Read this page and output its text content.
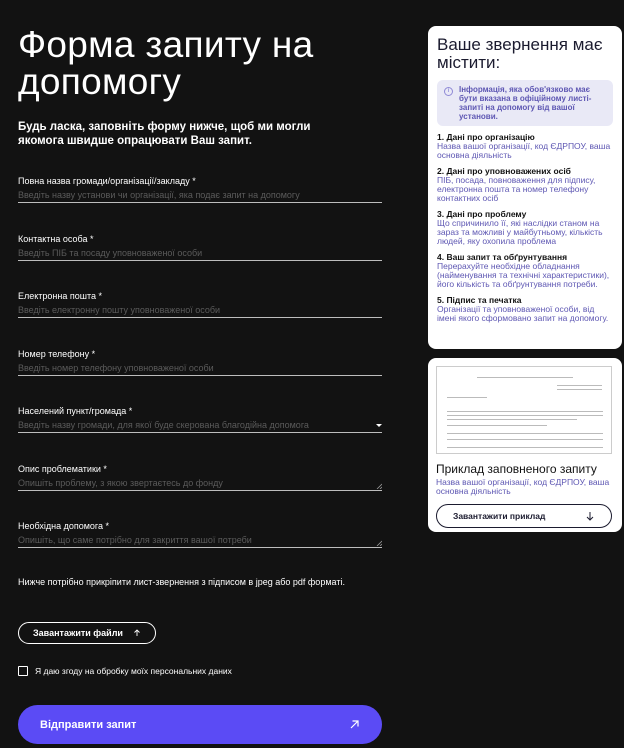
Форма запиту на допомогу
Будь ласка, заповніть форму нижче, щоб ми могли якомога швидше опрацювати Ваш запит.
Повна назва громади/організації/закладу *
Введіть назву установи чи організації, яка подає запит на допомогу
Контактна особа *
Введіть ПІБ та посаду уповноваженої особи
Електронна пошта *
Введіть електронну пошту уповноваженої особи
Номер телефону *
Введіть номер телефону уповноваженої особи
Населений пункт/громада *
Введіть назву громади, для якої буде скерована благодійна допомога
Опис проблематики *
Опишіть проблему, з якою звертаєтесь до фонду
Необхідна допомога *
Опишіть, що саме потрібно для закриття вашої потреби
Нижче потрібно прикріпити лист-звернення з підписом в jpeg або pdf форматі.
Завантажити файли
Я даю згоду на обробку моїх персональних даних
Відправити запит
Ваше звернення має містити:
i	Інформація, яка обов'язково має бути вказана в офіційному листі-запиті на допомогу від вашої установи.
1. Дані про організацію
Назва вашої організації, код ЄДРПОУ, ваша основна діяльність
2. Дані про уповноважених осіб
ПІБ, посада, повноваження для підпису, електронна пошта та номер телефону контактних осіб
3. Дані про проблему
Що спричинило її, які наслідки станом на зараз та можливі у майбутньому, кількість людей, яку охопила проблема
4. Ваш запит та обґрунтування
Перерахуйте необхідне обладнання (найменування та технічні характеристики), його кількість та обґрунтування потреби.
5. Підпис та печатка
Організації та уповноваженої особи, від імені якого сформовано запит на допомогу.
Приклад заповненого запиту
Назва вашої організації, код ЄДРПОУ, ваша основна діяльність
Завантажити приклад
